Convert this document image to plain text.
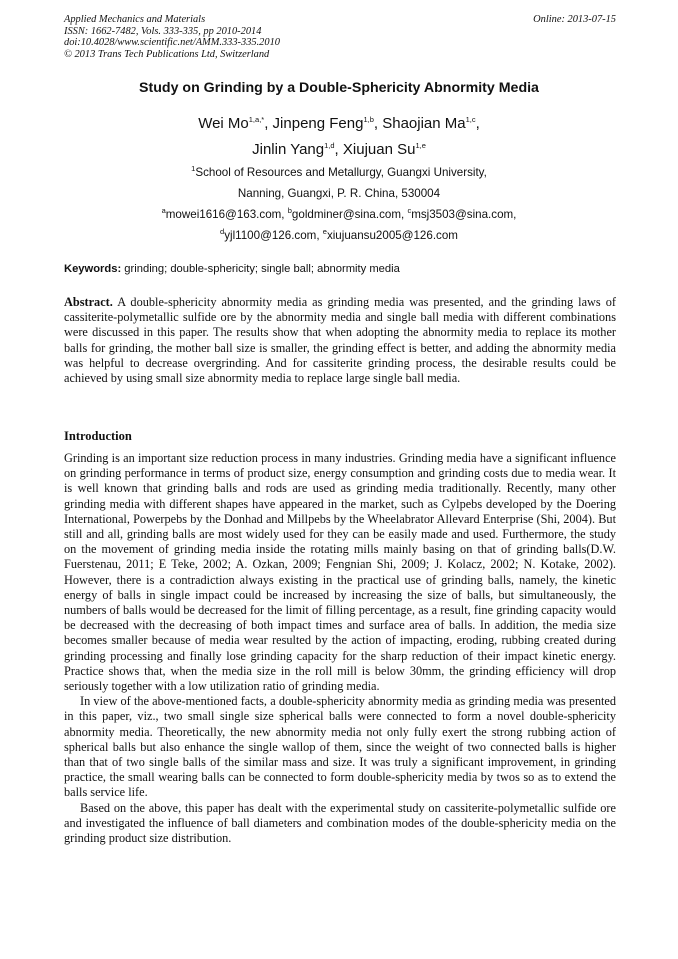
Applied Mechanics and Materials
ISSN: 1662-7482, Vols. 333-335, pp 2010-2014
doi:10.4028/www.scientific.net/AMM.333-335.2010
© 2013 Trans Tech Publications Ltd, Switzerland
Online: 2013-07-15
Study on Grinding by a Double-Sphericity Abnormity Media
Wei $Mo^{1,a,*}$, Jinpeng Feng$^{1,b}$, Shaojian Ma$^{1,c}$,
Jinlin Yang$^{1,d}$, Xiujuan Su$^{1,e}$
$^1$School of Resources and Metallurgy, Guangxi University,
Nanning, Guangxi, P. R. China, 530004
$^a$mowei1616@163.com, $^b$goldminer@sina.com, $^c$msj3503@sina.com,
$^d$yjl1100@126.com, $^e$xiujuansu2005@126.com
Keywords: grinding; double-sphericity; single ball; abnormity media
Abstract. A double-sphericity abnormity media as grinding media was presented, and the grinding laws of cassiterite-polymetallic sulfide ore by the abnormity media and single ball media with different combinations were discussed in this paper. The results show that when adopting the abnormity media to replace its mother balls for grinding, the mother ball size is smaller, the grinding effect is better, and adding the abnormity media was helpful to decrease overgrinding. And for cassiterite grinding process, the desirable results could be achieved by using small size abnormity media to replace large single ball media.
Introduction

Grinding is an important size reduction process in many industries. Grinding media have a significant influence on grinding performance in terms of product size, energy consumption and grinding costs due to media wear. It is well known that grinding balls and rods are used as grinding media traditionally. Recently, many other grinding media with different shapes have appeared in the market, such as Cylpebs developed by the Doering International, Powerpebs by the Donhad and Millpebs by the Wheelabrator Allevard Enterprise (Shi, 2004). But still and all, grinding balls are most widely used for they can be easily made and used. Furthermore, the study on the movement of grinding media inside the rotating mills mainly basing on that of grinding balls(D.W. Fuerstenau, 2011; E Teke, 2002; A. Ozkan, 2009; Fengnian Shi, 2009; J. Kolacz, 2002; N. Kotake, 2002). However, there is a contradiction always existing in the practical use of grinding balls, namely, the kinetic energy of balls in single impact could be increased by increasing the size of balls, but simultaneously, the numbers of balls would be decreased for the limit of filling percentage, as a result, fine grinding capacity would be decreased with the decreasing of both impact times and surface area of balls. In addition, the media size becomes smaller because of media wear resulted by the action of impacting, eroding, rubbing created during grinding processing and finally lose grinding capacity for the sharp reduction of their impact kinetic energy. Practice shows that, when the media size in the roll mill is below 30mm, the grinding efficiency will drop seriously together with a low utilization ratio of grinding media.

In view of the above-mentioned facts, a double-sphericity abnormity media as grinding media was presented in this paper, viz., two small single size spherical balls were connected to form a novel double-sphericity abnormity media. Theoretically, the new abnormity media not only fully exert the strong rubbing action of spherical balls but also enhance the single wallop of them, since the weight of two connected balls is higher than that of two single balls of the similar mass and size. It was truly a significant improvement, in grinding practice, the small wearing balls can be connected to form double-sphericity media by twos so as to extend the balls service life.

Based on the above, this paper has dealt with the experimental study on cassiterite-polymetallic sulfide ore and investigated the influence of ball diameters and combination modes of the double-sphericity media on the grinding product size distribution.
